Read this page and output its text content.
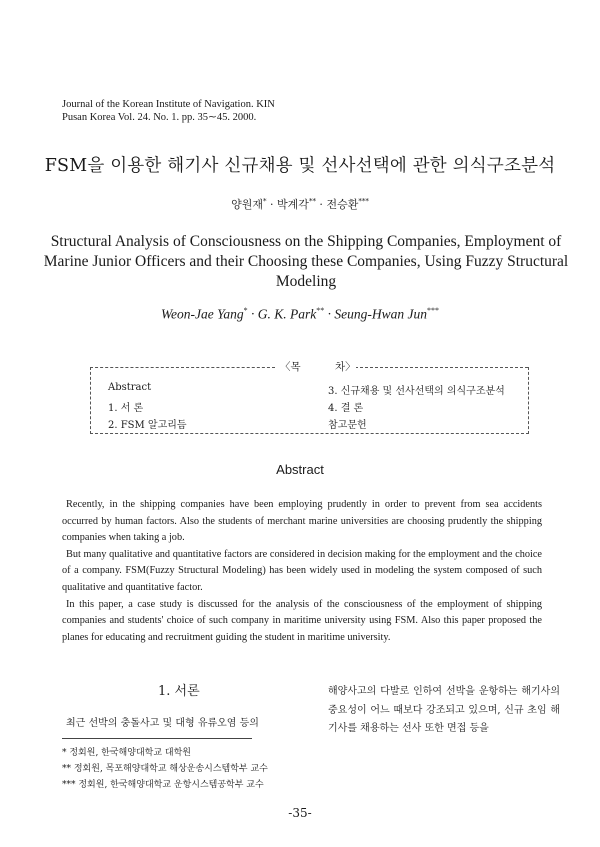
Journal of the Korean Institute of Navigation. KIN
Pusan Korea Vol. 24. No. 1. pp. 35∼45. 2000.
FSM을 이용한 해기사 신규채용 및 선사선택에 관한 의식구조분석
양원재* · 박계각** · 전승환***
Structural Analysis of Consciousness on the Shipping Companies, Employment of Marine Junior Officers and their Choosing these Companies, Using Fuzzy Structural Modeling
Weon-Jae Yang* · G. K. Park** · Seung-Hwan Jun***
〈목	차〉
Abstract
1. 서 론
2. FSM 알고리듬
3. 신규채용 및 선사선택의 의식구조분석
4. 결 론
참고문헌
Abstract

Recently, in the shipping companies have been employing prudently in order to prevent from sea accidents occurred by human factors. Also the students of merchant marine universities are choosing prudently the shipping companies when taking a job.

But many qualitative and quantitative factors are considered in decision making for the employment and the choice of a company. FSM(Fuzzy Structural Modeling) has been widely used in modeling the system composed of such qualitative and quantitative factor.

In this paper, a case study is discussed for the analysis of the consciousness of the employment of shipping companies and students' choice of such company in maritime university using FSM. Also this paper proposed the planes for educating and recruitment guiding the student in maritime university.

1. 서론
최근 선박의 충돌사고 및 대형 유류오염 등의
해양사고의 다발로 인하여 선박을 운항하는 해기사의 중요성이 어느 때보다 강조되고 있으며, 신규 초임 해기사를 채용하는 선사 또한 면접 등을
* 정회원, 한국해양대학교 대학원
** 정회원, 목포해양대학교 해상운송시스템학부 교수
*** 정회원, 한국해양대학교 운항시스템공학부 교수
-35-
